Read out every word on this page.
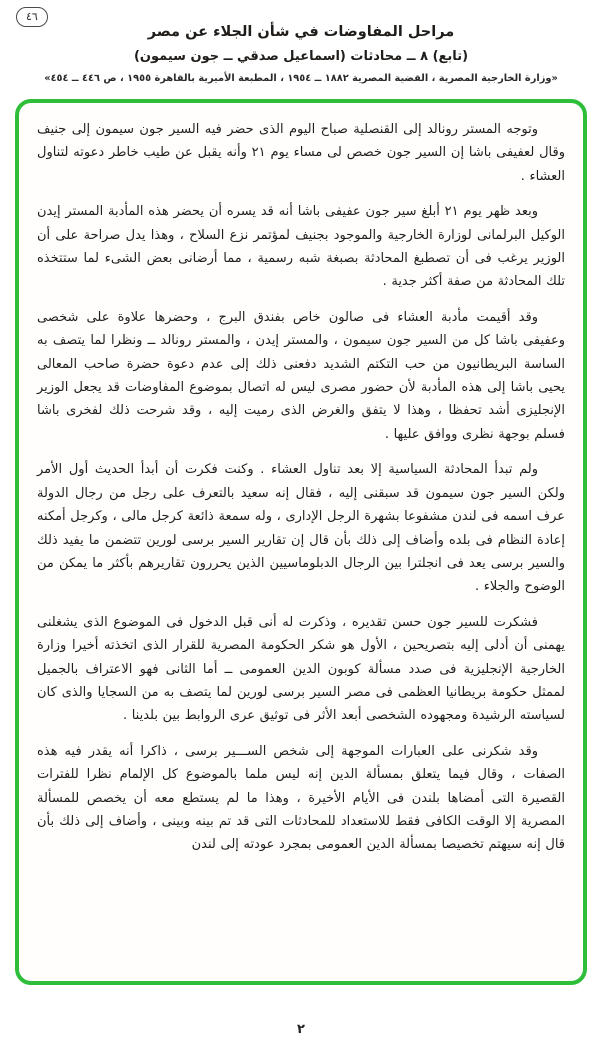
٤٦
مراحل المفاوضات في شأن الجلاء عن مصر
(تابع) ٨ ــ محادثات (اسماعيل صدقي ــ جون سيمون)
«وزارة الخارجية المصرية ، القضية المصرية ١٨٨٢ ــ ١٩٥٤ ، المطبعة الأميرية بالقاهرة ١٩٥٥ ، ص ٤٤٦ ــ ٤٥٤»

وتوجه المستر رونالد إلى القنصلية صباح اليوم الذى حضر فيه السير جون سيمون إلى جنيف وقال لعفيفى باشا إن السير جون خصص لى مساء يوم ٢١ وأنه يقبل عن طيب خاطر دعوته لتناول العشاء .

وبعد ظهر يوم ٢١ أبلغ سير جون عفيفى باشا أنه قد يسره أن يحضر هذه المأدبة المستر إيدن الوكيل البرلمانى لوزارة الخارجية والموجود بجنيف لمؤتمر نزع السلاح ، وهذا يدل صراحة على أن الوزير يرغب فى أن تصطبغ المحادثة بصبغة شبه رسمية ، مما أرضانى بعض الشىء لما ستتخذه تلك المحادثة من صفة أكثر جدية .

وقد أقيمت مأدبة العشاء فى صالون خاص بفندق البرج ، وحضرها علاوة على شخصى وعفيفى باشا كل من السير جون سيمون ، والمستر إيدن ، والمستر رونالد ــ ونظرا لما يتصف به الساسة البريطانيون من حب التكتم الشديد دفعنى ذلك إلى عدم دعوة حضرة صاحب المعالى يحيى باشا إلى هذه المأدبة لأن حضور مصرى ليس له اتصال بموضوع المفاوضات قد يجعل الوزير الإنجليزى أشد تحفظا ، وهذا لا يتفق والغرض الذى رميت إليه ، وقد شرحت ذلك لفخرى باشا فسلم بوجهة نظرى ووافق عليها .

ولم تبدأ المحادثة السياسية إلا بعد تناول العشاء . وكنت فكرت أن أبدأ الحديث أول الأمر ولكن السير جون سيمون قد سبقنى إليه ، فقال إنه سعيد بالتعرف على رجل من رجال الدولة عرف اسمه فى لندن مشفوعا بشهرة الرجل الإدارى ، وله سمعة ذائعة كرجل مالى ، وكرجل أمكنه إعادة النظام فى بلده وأضاف إلى ذلك بأن قال إن تقارير السير برسى لورين تتضمن ما يفيد ذلك والسير برسى يعد فى انجلترا بين الرجال الدبلوماسيين الذين يحررون تقاريرهم بأكثر ما يمكن من الوضوح والجلاء .

فشكرت للسير جون حسن تقديره ، وذكرت له أنى قبل الدخول فى الموضوع الذى يشغلنى يهمنى أن أدلى إليه بتصريحين ، الأول هو شكر الحكومة المصرية للقرار الذى اتخذته أخيرا وزارة الخارجية الإنجليزية فى صدد مسألة كوبون الدين العمومى ــ أما الثانى فهو الاعتراف بالجميل لممثل حكومة بريطانيا العظمى فى مصر السير برسى لورين لما يتصف به من السجايا والذى كان لسياسته الرشيدة ومجهوده الشخصى أبعد الأثر فى توثيق عرى الروابط بين بلدينا .

وقد شكرنى على العبارات الموجهة إلى شخص الســـير برسى ، ذاكرا أنه يقدر فيه هذه الصفات ، وقال فيما يتعلق بمسألة الدين إنه ليس ملما بالموضوع كل الإلمام نظرا للفترات القصيرة التى أمضاها بلندن فى الأيام الأخيرة ، وهذا ما لم يستطع معه أن يخصص للمسألة المصرية إلا الوقت الكافى فقط للاستعداد للمحادثات التى قد تم بينه وبينى ، وأضاف إلى ذلك بأن قال إنه سيهتم تخصيصا بمسألة الدين العمومى بمجرد عودته إلى لندن

٢
